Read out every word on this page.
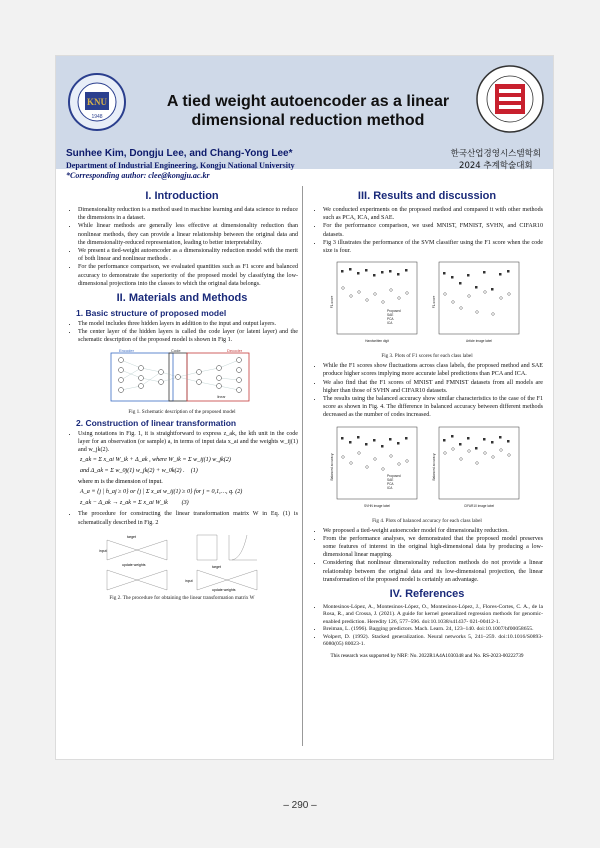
KNU
1948
A tied weight autoencoder as a linear
dimensional reduction method
Sunhee Kim, Dongju Lee, and Chang-Yong Lee*	한국산업경영시스템학회
2024 추계학술대회
Department of Industrial Engineering, Kongju National University
*Corresponding author: clee@kongju.ac.kr
I. Introduction
• Dimensionality reduction is a method used in machine learning and data science to reduce the dimensions in a dataset.
• While linear methods are generally less effective at dimensionality reduction than nonlinear methods, they can provide a linear relationship between the original data and the dimensionality-reduced representation, leading to better interpretability.
• We present a tied-weight autoencoder as a dimensionality reduction model with the merit of both linear and nonlinear methods .
• For the performance comparison, we evaluated quantities such as F1 score and balanced accuracy to demonstrate the superiority of the proposed model by classifying the low-dimensional projections into the classes to which the original data belongs.
II. Materials and Methods
1. Basic structure of proposed model
• The model includes three hidden layers in addition to the input and output layers.
• The center layer of the hidden layers is called the code layer (or latent layer) and the schematic description of the proposed model is shown in Fig 1.
Encoder	Code	Decoder
linear
Fig 1. Schematic description of the proposed model
2. Construction of linear transformation
• Using notations in Fig. 1, it is straightforward to express z_ak, the kth unit in the code layer for an observation (or sample) a, in terms of input data x_ai and the weights w_ij(1) and w_jk(2).
z_ak = Σ x_ai W_ik + Δ_ak , where W_ik = Σ w_ij(1) w_jk(2)
and Δ_ak = Σ w_0j(1) w_jk(2) + w_0k(2) . (1)

where m is the dimension of input.

A_a ≡ {j | h_aj ≥ 0} or {j | Σ x_ai w_ij(1) ≥ 0} for j = 0,1,…, q. (2)
z_ak − Δ_ak → z_ak = Σ x_ai W_ik (3)
• The procedure for constructing the linear transformation matrix W in Eq. (1) is schematically described in Fig. 2
target
input
update weights	target
input
update weights
Fig 2. The procedure for obtaining the linear transformation matrix W
III. Results and discussion
• We conducted experiments on the proposed method and compared it with other methods such as PCA, ICA, and SAE.
• For the performance comparison, we used MNIST, FMNIST, SVHN, and CIFAR10 datasets.
• Fig 3 illustrates the performance of the SVM classifier using the F1 score when the code size is four.
Proposed
SAE
PCA
ICA
Handwritten digit	Article image label
F1-score	F1-score
Fig 3. Plots of F1 scores for each class label
• While the F1 scores show fluctuations across class labels, the proposed method and SAE produce higher scores implying more accurate label predictions than PCA and ICA.
• We also find that the F1 scores of MNIST and FMNIST datasets from all models are higher than those of SVHN and CIFAR10 datasets.
• The results using the balanced accuracy show similar characteristics to the case of the F1 score as shown in Fig. 4. The difference in balanced accuracy between different methods decreased as the number of codes increased.
Proposed
SAE
PCA
ICA
SVHN image label	CIFAR10 image label
Balanced accuracy	Balanced accuracy
Fig 4. Plots of balanced accuracy for each class label
• We proposed a tied-weight autoencoder model for dimensionality reduction.
• From the performance analyses, we demonstrated that the proposed model preserves some features of interest in the original high-dimensional data by producing a low-dimensional linear mapping.
• Considering that nonlinear dimensionality reduction methods do not provide a linear relationship between the original data and its low-dimensional projection, the linear transformation of the proposed model is certainly an advantage.
IV. References
• Montesinos-López, A., Montesinos-López, O., Montesinos-López, J., Flores-Cortes, C. A., de la Rosa, R., and Crossa, J. (2021). A guide for kernel generalized regression methods for genomic-enabled prediction. Heredity 126, 577–596. doi:10.1038/s41437- 021-00412-1.
• Breiman, L. (1996). Bagging predictors. Mach. Learn. 24, 123–140. doi:10.1007/bf00058655.
• Wolpert, D. (1992). Stacked generalization. Neural networks 5, 241–259. doi:10.1016/S0893-6080(05) 80023-1.
This research was supported by NRF: No. 2022R1A4A1030348 and No. RS-2023-00222739
– 290 –
